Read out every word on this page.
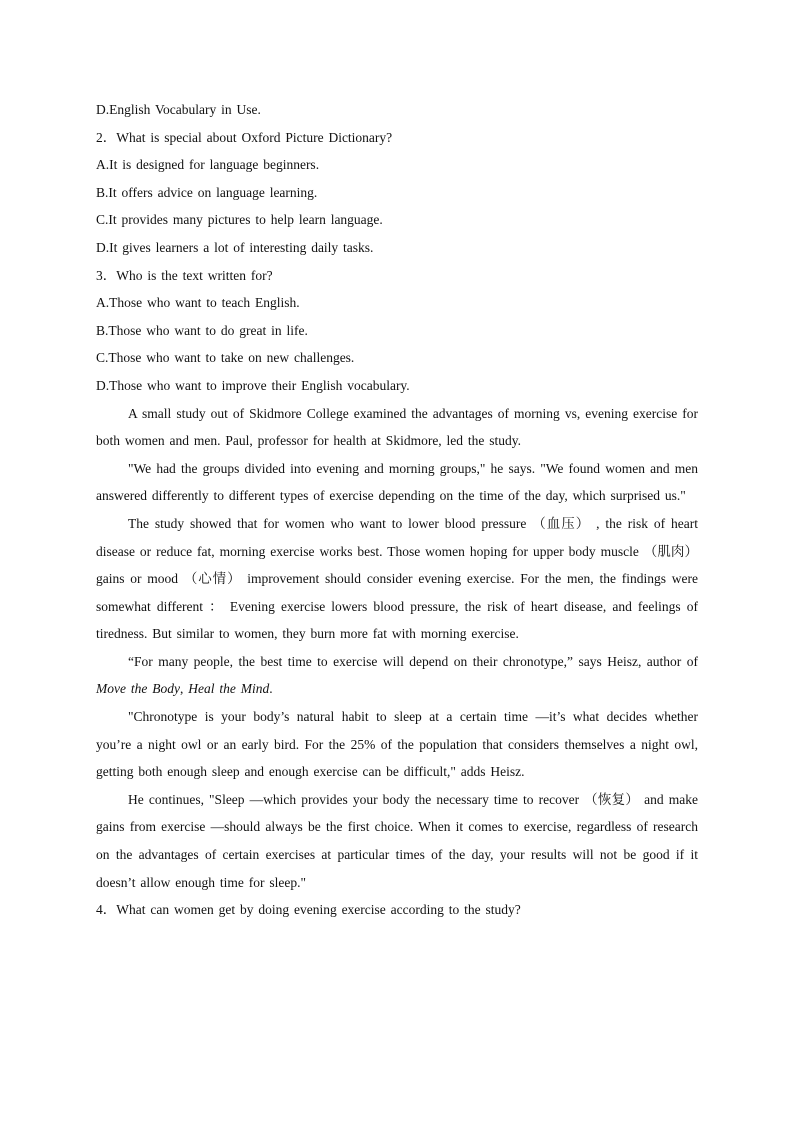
D.English Vocabulary in Use.
2．What is special about Oxford Picture Dictionary?
A.It is designed for language beginners.
B.It offers advice on language learning.
C.It provides many pictures to help learn language.
D.It gives learners a lot of interesting daily tasks.
3．Who is the text written for?
A.Those who want to teach English.
B.Those who want to do great in life.
C.Those who want to take on new challenges.
D.Those who want to improve their English vocabulary.
A small study out of Skidmore College examined the advantages of morning vs, evening exercise for both women and men. Paul, professor for health at Skidmore, led the study.
"We had the groups divided into evening and morning groups," he says. "We found women and men answered differently to different types of exercise depending on the time of the day, which surprised us."
The study showed that for women who want to lower blood pressure （血压） , the risk of heart disease or reduce fat, morning exercise works best. Those women hoping for upper body muscle （肌肉） gains or mood （心情） improvement should consider evening exercise. For the men, the findings were somewhat different ： Evening exercise lowers blood pressure, the risk of heart disease, and feelings of tiredness. But similar to women, they burn more fat with morning exercise.
“For many people, the best time to exercise will depend on their chronotype,” says Heisz, author of Move the Body, Heal the Mind.
"Chronotype is your body’s natural habit to sleep at a certain time —it’s what decides whether you’re a night owl or an early bird. For the 25% of the population that considers themselves a night owl, getting both enough sleep and enough exercise can be difficult," adds Heisz.
He continues, "Sleep —which provides your body the necessary time to recover （恢复） and make gains from exercise —should always be the first choice. When it comes to exercise, regardless of research on the advantages of certain exercises at particular times of the day, your results will not be good if it doesn’t allow enough time for sleep."
4．What can women get by doing evening exercise according to the study?
